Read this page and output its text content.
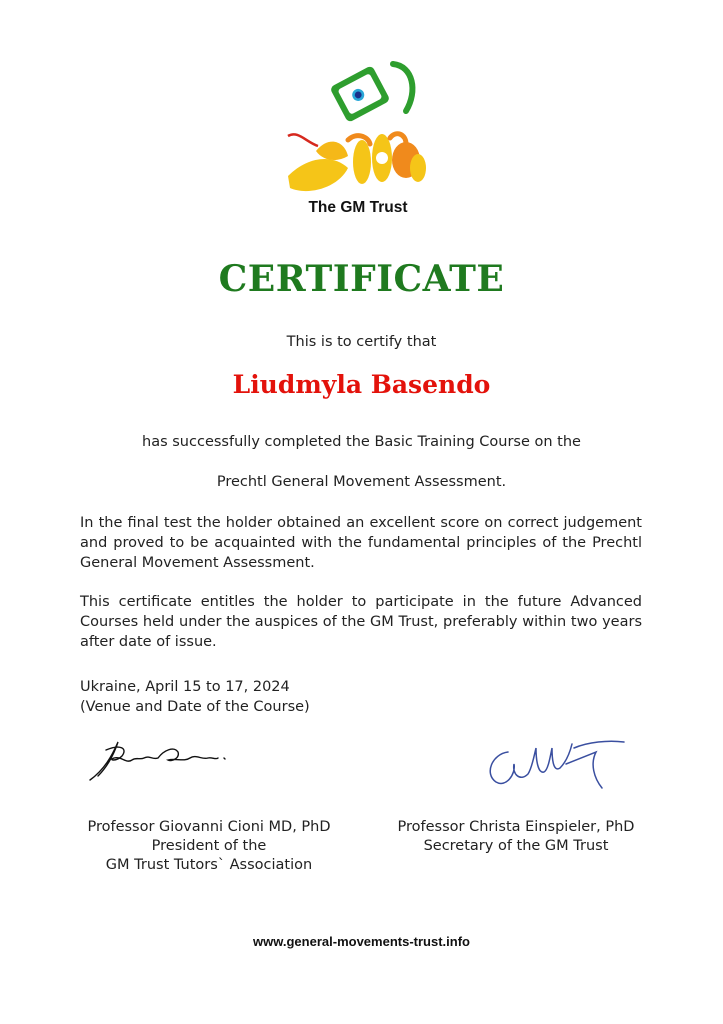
The GM Trust
CERTIFICATE
This is to certify that
Liudmyla Basendo
has successfully completed the Basic Training Course on the
Prechtl General Movement Assessment.
In the final test the holder obtained an excellent score on correct judgement and proved to be acquainted with the fundamental principles of the Prechtl General Movement Assessment.
This certificate entitles the holder to participate in the future Advanced Courses held under the auspices of the GM Trust, preferably within two years after date of issue.
Ukraine, April 15 to 17, 2024
(Venue and Date of the Course)
Professor Giovanni Cioni MD, PhD
President of the
GM Trust Tutors` Association
Professor Christa Einspieler, PhD
Secretary of the GM Trust
www.general-movements-trust.info
